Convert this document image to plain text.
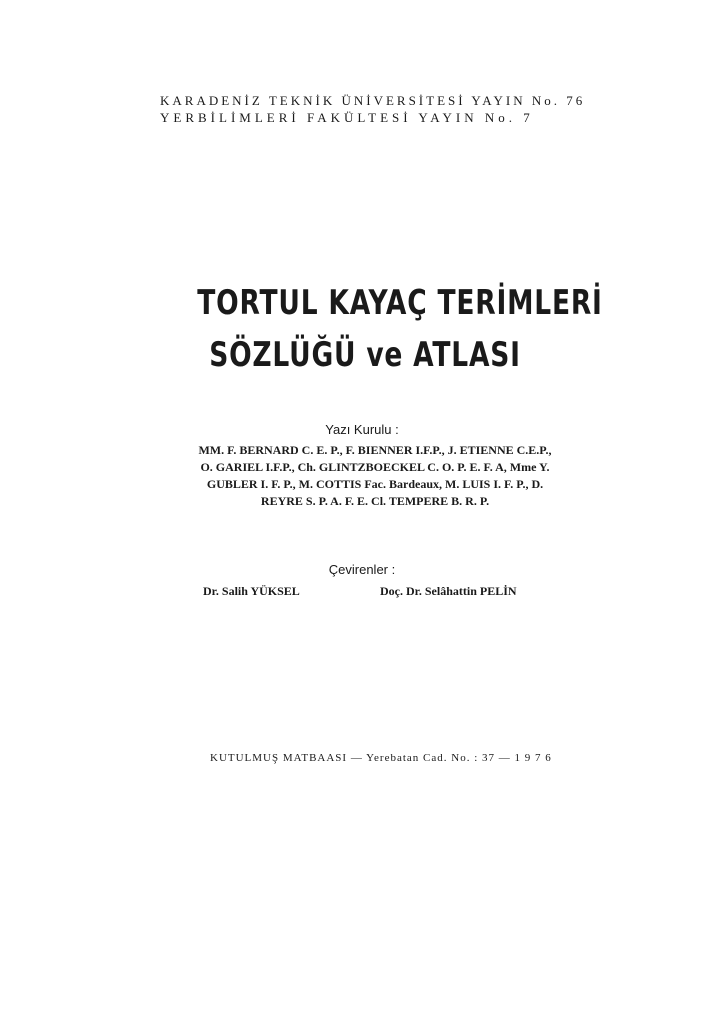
KARADENİZ TEKNİK ÜNİVERSİTESİ YAYIN No. 76
YERBİLİMLERİ FAKÜLTESİ YAYIN No. 7
TORTUL KAYAÇ TERİMLERİ
SÖZLÜĞÜ ve ATLASI
Yazı Kurulu :
MM. F. BERNARD C. E. P., F. BIENNER I.F.P., J. ETIENNE C.E.P.,
O. GARIEL I.F.P., Ch. GLINTZBOECKEL C. O. P. E. F. A, Mme Y.
GUBLER I. F. P., M. COTTIS Fac. Bardeaux, M. LUIS I. F. P., D.
REYRE S. P. A. F. E. Cl. TEMPERE B. R. P.
Çevirenler :
Dr. Salih YÜKSEL	Doç. Dr. Selâhattin PELİN
KUTULMUŞ MATBAASI — Yerebatan Cad. No. : 37 — 1 9 7 6
